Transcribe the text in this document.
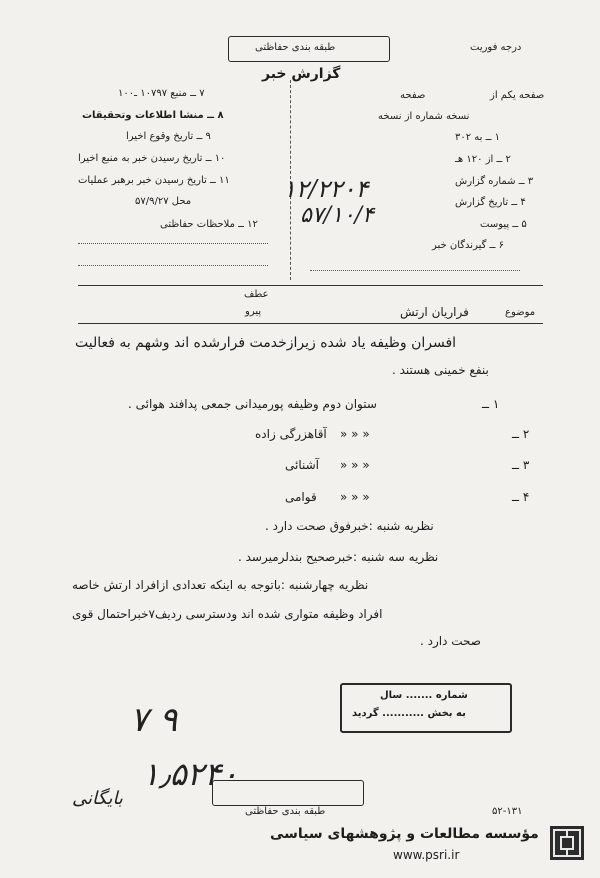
طبقه بندی حفاظتی	درجه فوریت
گزارش خبر
۷ ــ منبع ۱۰۷۹۷ ـ۱۰۰
۸ ــ منشا اطلاعات وتحقیقات
۹ ــ تاریخ وقوع اخیرا
۱۰ ــ تاریخ رسیدن خبر به منبع اخیرا
۱۱ ــ تاریخ رسیدن خبر برهبر عملیات
محل ۵۷/۹/۲۷
۱۲ ــ ملاحظات حفاظتی
صفحه یکم از
صفحه
نسخه شماره از نسخه
۱ ــ به ۳۰۲
۲ ــ از ۱۲۰ هـ
۳ ــ شماره گزارش
۴ ــ تاریخ گزارش
۵ ــ پیوست
۶ ــ گیرندگان خبر
عطف
پیرو	موضوع
فراریان ارتش
افسران وظیفه یاد شده زیرازخدمت فرارشده اند وشهم به فعالیت
بنفع خمینی هستند .
۱ ــ
ستوان دوم وظیفه پورمیدانی جمعی پدافند هوائی .
۲ ــ
« « «
آقاهزرگی زاده
۳ ــ
« « «
آشنائی
۴ ــ
« « «
قوامی
نظریه شنبه :خبرفوق صحت دارد .
نظریه سه شنبه :خبرصحیح بندلرمیرسد .
نظریه چهارشنبه :باتوجه به اینکه تعدادی ازافراد ارتش خاصه
افراد وظیفه متواری شده اند ودسترسی ردیف۷خبراحتمال قوی
صحت دارد .
شماره ....... سال
به بخش ........... گردید
۱۲/۲۲۰۴
۵۷/۱۰/۴
۷ ۹
۱٫۵۲۴۰
بایگانی
طبقه بندی حفاظتی	۵۲-۱۳۱
مؤسسه مطالعات و پژوهشهای سیاسی
www.psri.ir
